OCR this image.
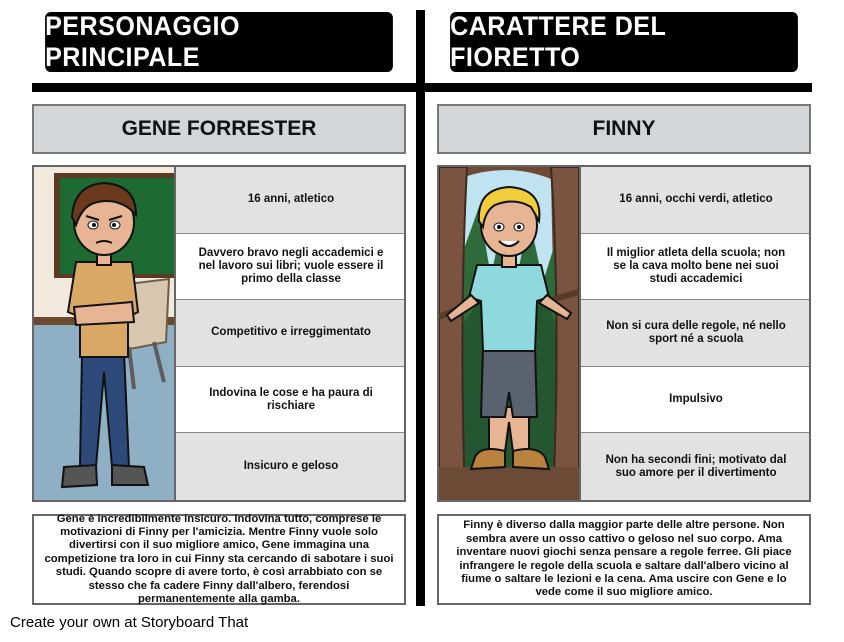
PERSONAGGIO PRINCIPALE
CARATTERE DEL FIORETTO
GENE FORRESTER	FINNY
16 anni, atletico
Davvero bravo negli accademici e nel lavoro sui libri; vuole essere il primo della classe
Competitivo e irreggimentato
Indovina le cose e ha paura di rischiare
Insicuro e geloso
16 anni, occhi verdi, atletico
Il miglior atleta della scuola; non se la cava molto bene nei suoi studi accademici
Non si cura delle regole, né nello sport né a scuola
Impulsivo
Non ha secondi fini; motivato dal suo amore per il divertimento
Gene è incredibilmente insicuro. Indovina tutto, comprese le motivazioni di Finny per l'amicizia. Mentre Finny vuole solo divertirsi con il suo migliore amico, Gene immagina una competizione tra loro in cui Finny sta cercando di sabotare i suoi studi. Quando scopre di avere torto, è così arrabbiato con se stesso che fa cadere Finny dall'albero, ferendosi permanentemente alla gamba.
Finny è diverso dalla maggior parte delle altre persone. Non sembra avere un osso cattivo o geloso nel suo corpo. Ama inventare nuovi giochi senza pensare a regole ferree. Gli piace infrangere le regole della scuola e saltare dall'albero vicino al fiume o saltare le lezioni e la cena. Ama uscire con Gene e lo vede come il suo migliore amico.
Create your own at Storyboard That
